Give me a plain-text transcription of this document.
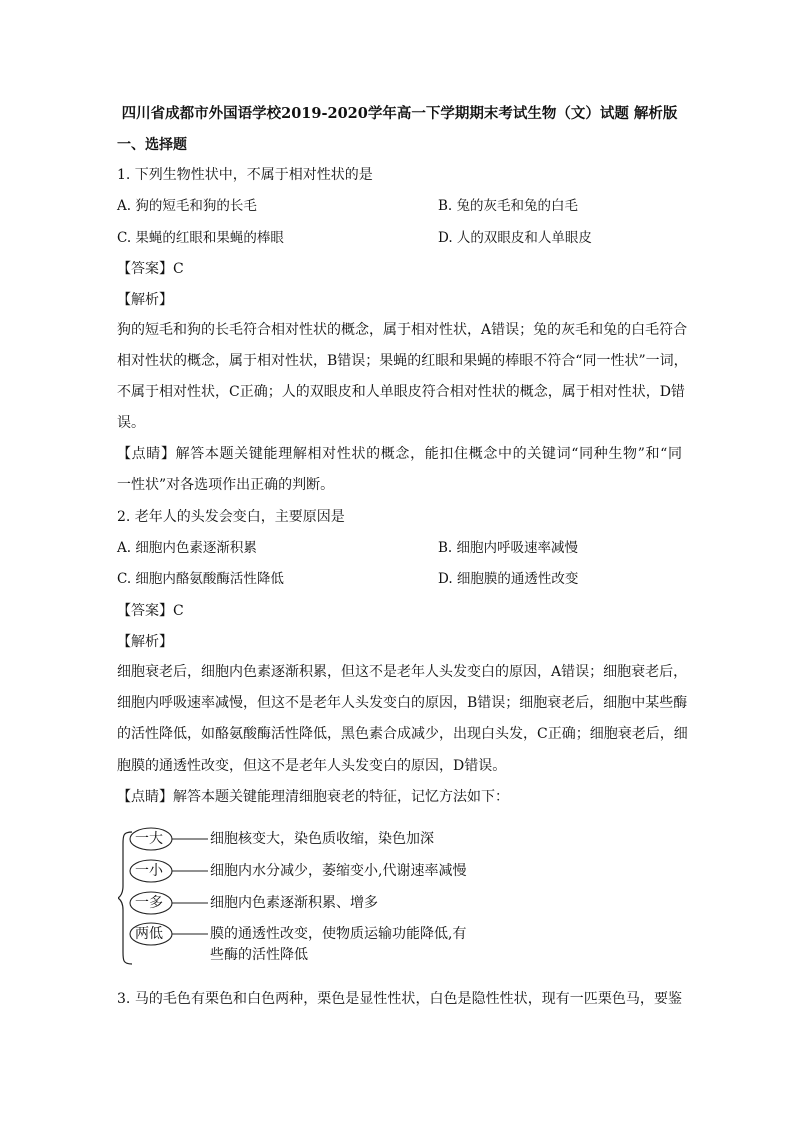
四川省成都市外国语学校2019-2020学年高一下学期期末考试生物（文）试题 解析版
一、选择题
1. 下列生物性状中，不属于相对性状的是
A. 狗的短毛和狗的长毛	B. 兔的灰毛和兔的白毛
C. 果蝇的红眼和果蝇的棒眼	D. 人的双眼皮和人单眼皮
【答案】C
【解析】
狗的短毛和狗的长毛符合相对性状的概念，属于相对性状，A错误；兔的灰毛和兔的白毛符合
相对性状的概念，属于相对性状，B错误；果蝇的红眼和果蝇的棒眼不符合“同一性状”一词，
不属于相对性状，C正确；人的双眼皮和人单眼皮符合相对性状的概念，属于相对性状，D错
误。
【点睛】解答本题关键能理解相对性状的概念，能扣住概念中的关键词“同种生物”和“同
一性状”对各选项作出正确的判断。
2. 老年人的头发会变白，主要原因是
A. 细胞内色素逐渐积累	B. 细胞内呼吸速率减慢
C. 细胞内酪氨酸酶活性降低	D. 细胞膜的通透性改变
【答案】C
【解析】
细胞衰老后，细胞内色素逐渐积累，但这不是老年人头发变白的原因，A错误；细胞衰老后，
细胞内呼吸速率减慢，但这不是老年人头发变白的原因，B错误；细胞衰老后，细胞中某些酶
的活性降低，如酪氨酸酶活性降低，黑色素合成减少，出现白头发，C正确；细胞衰老后，细
胞膜的通透性改变，但这不是老年人头发变白的原因，D错误。
【点睛】解答本题关键能理清细胞衰老的特征，记忆方法如下：
一大
一小
一多
两低
细胞核变大，染色质收缩，染色加深
细胞内水分减少，萎缩变小,代谢速率减慢
细胞内色素逐渐积累、增多
膜的通透性改变，使物质运输功能降低,有
些酶的活性降低
3. 马的毛色有栗色和白色两种，栗色是显性性状，白色是隐性性状，现有一匹栗色马，要鉴
